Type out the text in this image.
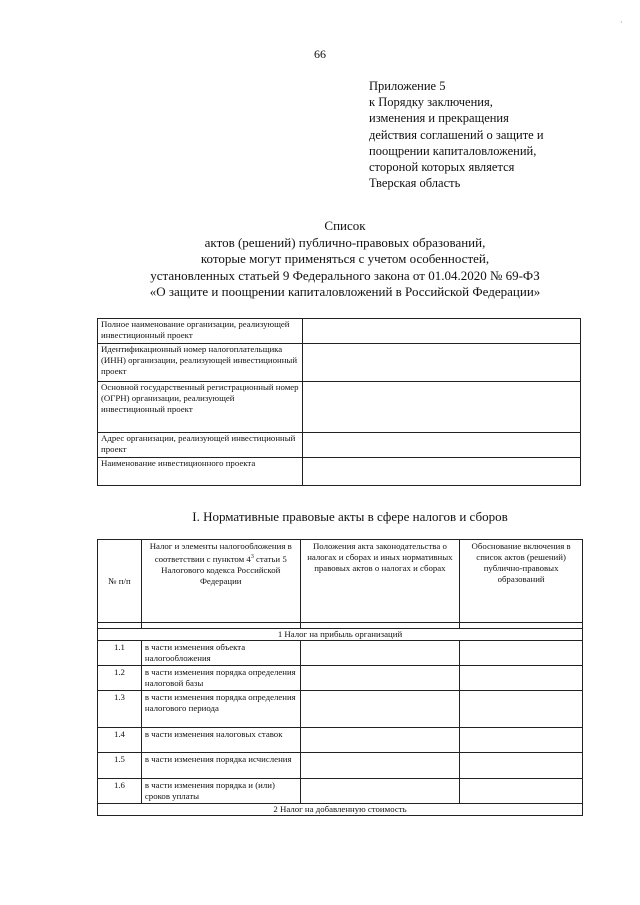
·
66
Приложение 5
к Порядку заключения,
изменения и прекращения
действия соглашений о защите и
поощрении капиталовложений,
стороной которых является
Тверская область
Список
актов (решений) публично-правовых образований,
которые могут применяться с учетом особенностей,
установленных статьей 9 Федерального закона от 01.04.2020 № 69-ФЗ
«О защите и поощрении капиталовложений в Российской Федерации»
Полное наименование организации, реализующей инвестиционный проект	
Идентификационный номер налогоплательщика (ИНН) организации, реализующей инвестиционный проект	
Основной государственный регистрационный номер (ОГРН) организации, реализующей инвестиционный проект	
Адрес организации, реализующей инвестиционный проект	
Наименование инвестиционного проекта	
I. Нормативные правовые акты в сфере налогов и сборов
№ п/п	Налог и элементы налогообложения в соответствии с пунктом $4^3$ статьи 5 Налогового кодекса Российской Федерации	Положения акта законодательства о налогах и сборах и иных нормативных правовых актов о налогах и сборах	Обоснование включения в список актов (решений) публично-правовых образований

1 Налог на прибыль организаций			
1.1	в части изменения объекта налогообложения		
1.2	в части изменения порядка определения налоговой базы		
1.3	в части изменения порядка определения налогового периода		
1.4	в части изменения налоговых ставок		
1.5	в части изменения порядка исчисления		
1.6	в части изменения порядка и (или) сроков уплаты		
2 Налог на добавленную стоимость			
